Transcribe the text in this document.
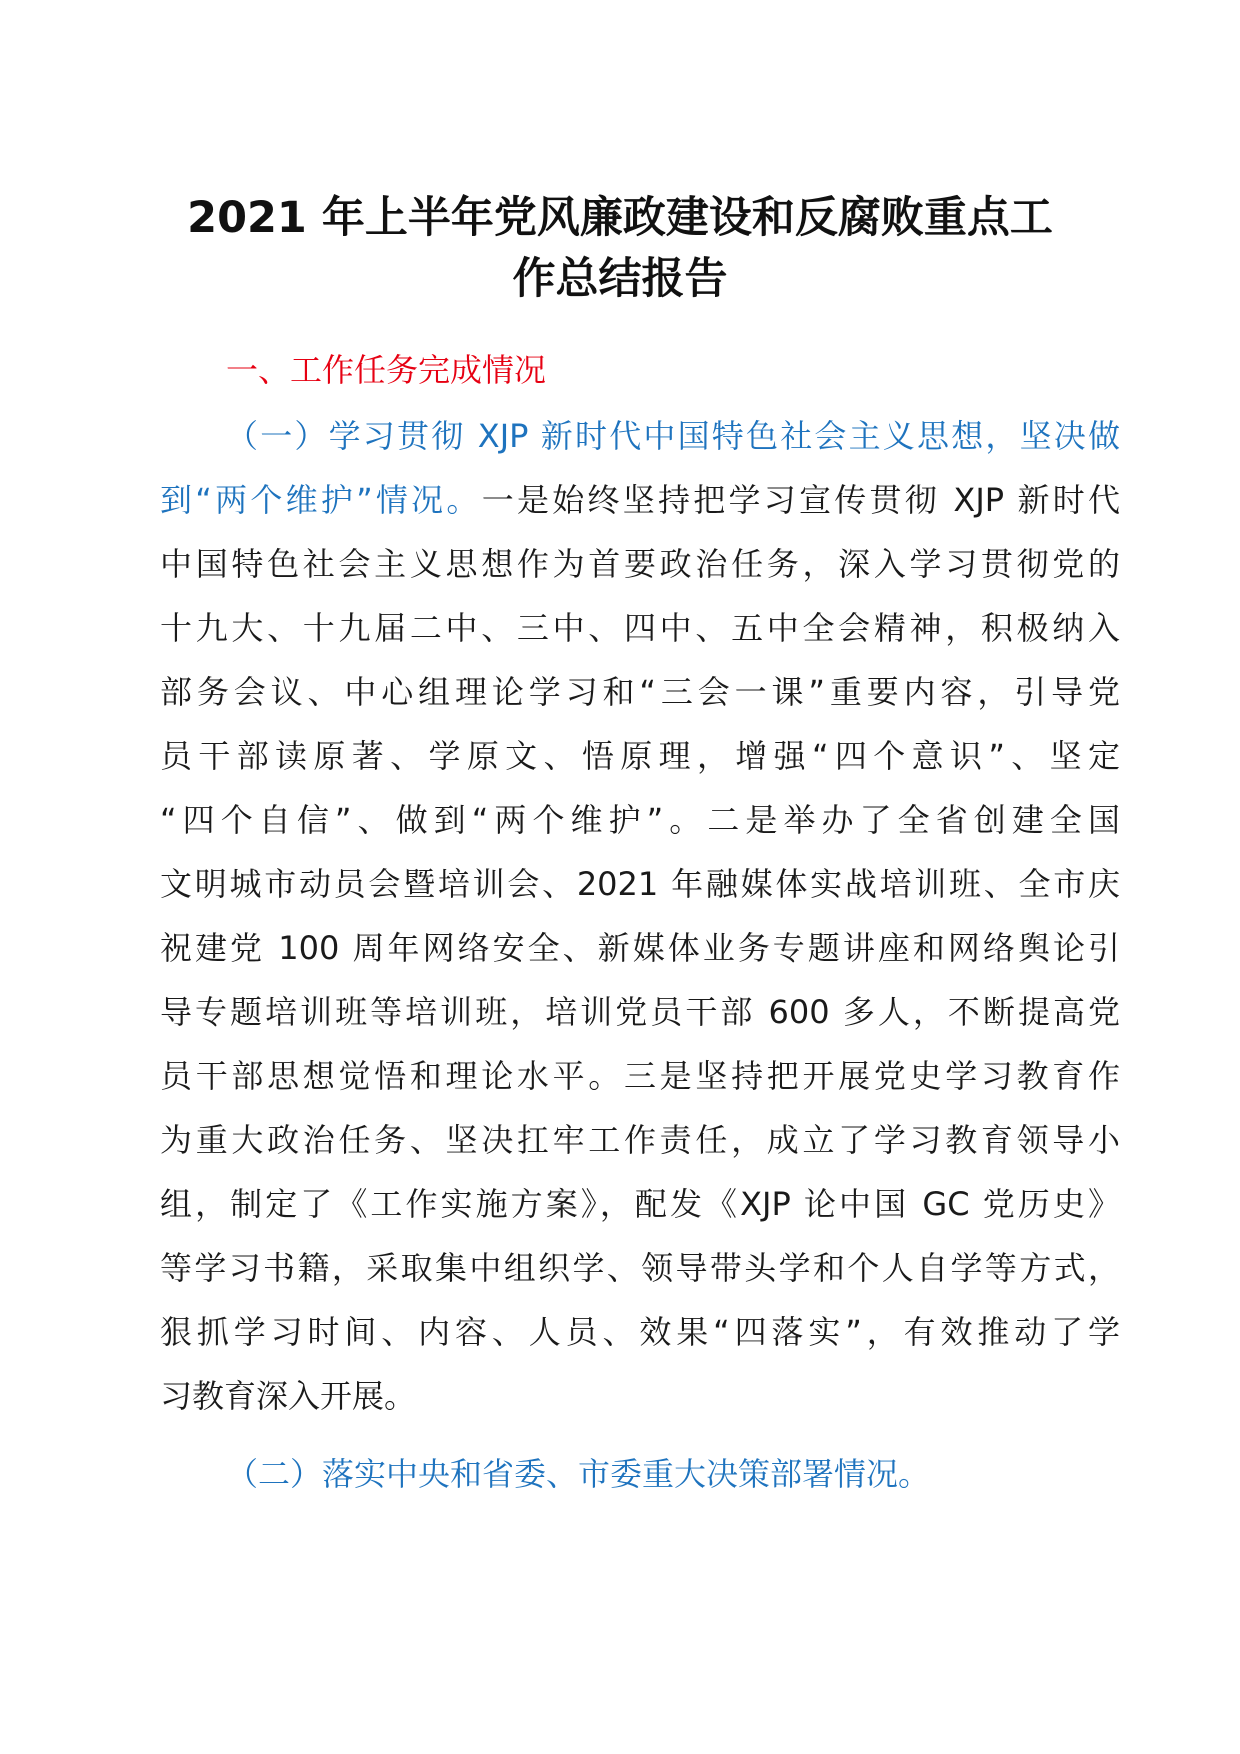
2021 年上半年党风廉政建设和反腐败重点工
作总结报告
一、工作任务完成情况
（一）学习贯彻 XJP 新时代中国特色社会主义思想，坚决做
到“两个维护”情况。一是始终坚持把学习宣传贯彻 XJP 新时代
中国特色社会主义思想作为首要政治任务，深入学习贯彻党的
十九大、十九届二中、三中、四中、五中全会精神，积极纳入
部务会议、中心组理论学习和“三会一课”重要内容，引导党
员干部读原著、学原文、悟原理，增强“四个意识”、坚定
“四个自信”、做到“两个维护”。二是举办了全省创建全国
文明城市动员会暨培训会、2021 年融媒体实战培训班、全市庆
祝建党 100 周年网络安全、新媒体业务专题讲座和网络舆论引
导专题培训班等培训班，培训党员干部 600 多人，不断提高党
员干部思想觉悟和理论水平。三是坚持把开展党史学习教育作
为重大政治任务、坚决扛牢工作责任，成立了学习教育领导小
组，制定了《工作实施方案》，配发《XJP 论中国 GC 党历史》
等学习书籍，采取集中组织学、领导带头学和个人自学等方式，
狠抓学习时间、内容、人员、效果“四落实”，有效推动了学
习教育深入开展。
（二）落实中央和省委、市委重大决策部署情况。
